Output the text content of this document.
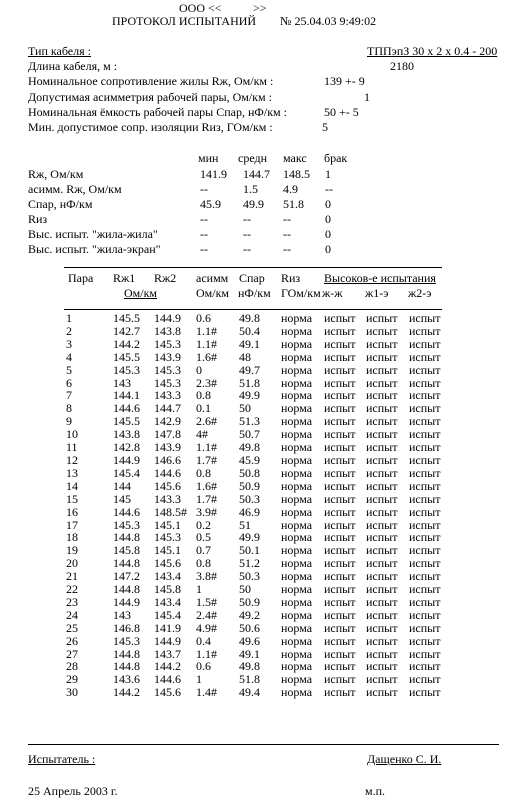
ООО <<	>>
ПРОТОКОЛ ИСПЫТАНИЙ № 25.04.03 9:49:02
Тип кабеля :	ТППэпЗ 30 x 2 x 0.4 - 200
Длина кабеля, м :	2180
Номинальное сопротивление жилы Rж, Ом/км :	139 +- 9
Допустимая асимметрия рабочей пары, Ом/км :	1
Номинальная ёмкость рабочей пары Спар, нФ/км :	50 +- 5
Мин. допустимое сопр. изоляции Rиз, ГОм/км :	5
мин средн макс брак
Rж, Ом/км	141.9 144.7 148.5 1
асимм. Rж, Ом/км	--	1.5 4.9 --
Спар, нФ/км	45.9 49.9 51.8 0
Rиз	--	--	--	0
Выс. испыт. "жила-жила"	--	--	--	0
Выс. испыт. "жила-экран"	--	--	--	0
Пара Rж1 Rж2 асимм Спар Rиз Высоков-е испытания
Ом/км	Ом/км нФ/км ГОм/км ж-ж ж1-э ж2-э
1	145.5	144.9	0.6	49.8	норма	испыт	испыт	испыт
2	142.7	143.8	1.1#	50.4	норма	испыт	испыт	испыт
3	144.2	145.3	1.1#	49.1	норма	испыт	испыт	испыт
4	145.5	143.9	1.6#	48	норма	испыт	испыт	испыт
5	145.3	145.3	0	49.7	норма	испыт	испыт	испыт
6	143	145.3	2.3#	51.8	норма	испыт	испыт	испыт
7	144.1	143.3	0.8	49.9	норма	испыт	испыт	испыт
8	144.6	144.7	0.1	50	норма	испыт	испыт	испыт
9	145.5	142.9	2.6#	51.3	норма	испыт	испыт	испыт
10	143.8	147.8	4#	50.7	норма	испыт	испыт	испыт
11	142.8	143.9	1.1#	49.8	норма	испыт	испыт	испыт
12	144.9	146.6	1.7#	45.9	норма	испыт	испыт	испыт
13	145.4	144.6	0.8	50.8	норма	испыт	испыт	испыт
14	144	145.6	1.6#	50.9	норма	испыт	испыт	испыт
15	145	143.3	1.7#	50.3	норма	испыт	испыт	испыт
16	144.6	148.5#	3.9#	46.9	норма	испыт	испыт	испыт
17	145.3	145.1	0.2	51	норма	испыт	испыт	испыт
18	144.8	145.3	0.5	49.9	норма	испыт	испыт	испыт
19	145.8	145.1	0.7	50.1	норма	испыт	испыт	испыт
20	144.8	145.6	0.8	51.2	норма	испыт	испыт	испыт
21	147.2	143.4	3.8#	50.3	норма	испыт	испыт	испыт
22	144.8	145.8	1	50	норма	испыт	испыт	испыт
23	144.9	143.4	1.5#	50.9	норма	испыт	испыт	испыт
24	143	145.4	2.4#	49.2	норма	испыт	испыт	испыт
25	146.8	141.9	4.9#	50.6	норма	испыт	испыт	испыт
26	145.3	144.9	0.4	49.6	норма	испыт	испыт	испыт
27	144.8	143.7	1.1#	49.1	норма	испыт	испыт	испыт
28	144.8	144.2	0.6	49.8	норма	испыт	испыт	испыт
29	143.6	144.6	1	51.8	норма	испыт	испыт	испыт
30	144.2	145.6	1.4#	49.4	норма	испыт	испыт	испыт
Испытатель :	Дащенко С. И.
25 Апрель 2003 г.	м.п.
